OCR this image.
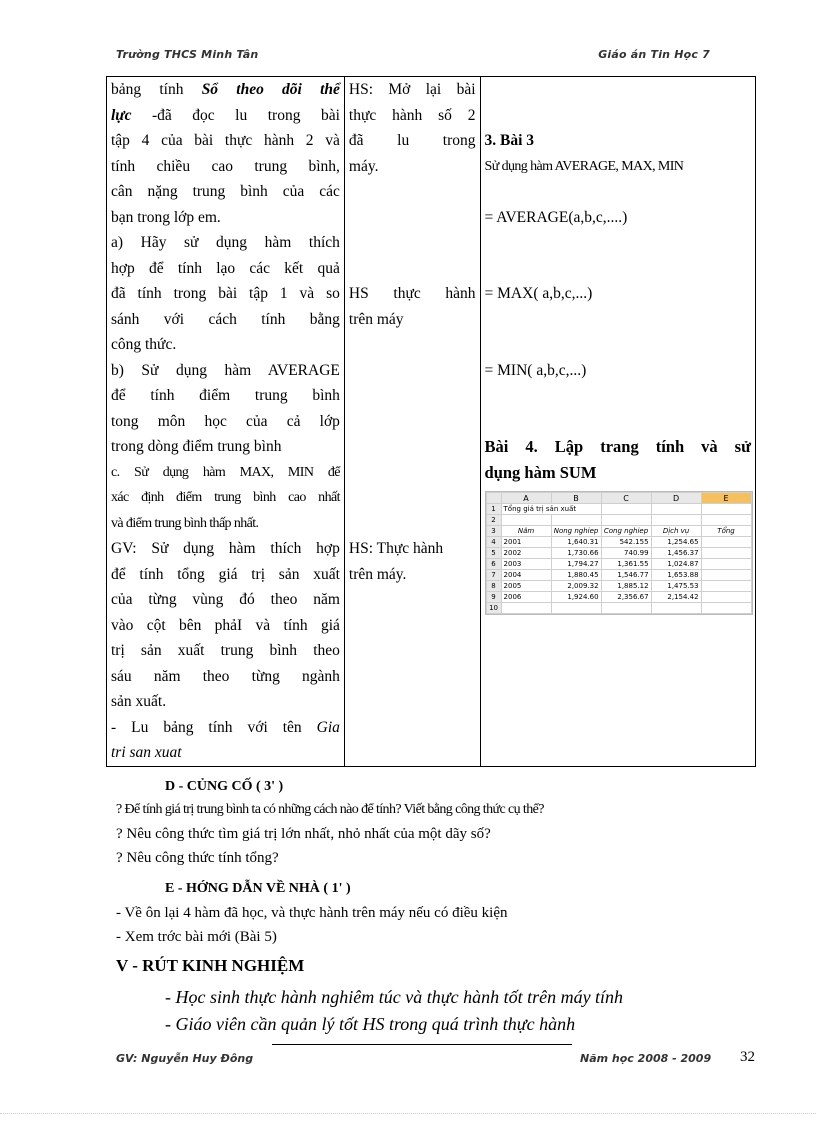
Trường THCS Minh Tân	Giáo án Tin Học 7
bảng tính Sổ theo dõi thể
lực -đã đọc lu trong bài
tập 4 của bài thực hành 2 và
tính chiều cao trung bình,
cân nặng trung bình của các
bạn trong lớp em.
a) Hãy sử dụng hàm thích
hợp để tính lạo các kết quả
đã tính trong bài tập 1 và so
sánh với cách tính bằng
công thức.
b) Sử dụng hàm AVERAGE
để tính điểm trung bình
tong môn học của cả lớp
trong dòng điểm trung bình
c. Sử dụng hàm MAX, MIN để
xác định điểm trung bình cao nhất
và điểm trung bình thấp nhất.
GV: Sử dụng hàm thích hợp
để tính tổng giá trị sản xuất
của từng vùng đó theo năm
vào cột bên phảI và tính giá
trị sản xuất trung bình theo
sáu năm theo từng ngành
sản xuất.
- Lu bảng tính với tên Gia
tri san xuat

HS: Mở lại bài
thực hành số 2
đã lu trong
máy.
HS thực hành
trên máy
HS: Thực hành
trên máy.

3. Bài 3
Sử dụng hàm AVERAGE, MAX, MIN
= AVERAGE(a,b,c,....)
= MAX( a,b,c,...)
= MIN( a,b,c,...)
Bài 4. Lập trang tính và sử
dụng hàm SUM
	A	B	C	D	E
1	Tổng giá trị sản xuất			
2					
3	Năm	Nong nghiep	Cong nghiep	Dịch vụ	Tổng
4	2001	1,640.31	542.155	1,254.65	
5	2002	1,730.66	740.99	1,456.37	
6	2003	1,794.27	1,361.55	1,024.87	
7	2004	1,880.45	1,546.77	1,653.88	
8	2005	2,009.32	1,885.12	1,475.53	
9	2006	1,924.60	2,356.67	2,154.42	
10					
D - CỦNG CỐ ( 3' )
? Để tính giá trị trung bình ta có những cách nào để tính? Viết bằng công thức cụ thể?
? Nêu công thức tìm giá trị lớn nhất, nhỏ nhất của một dãy số?
? Nêu công thức tính tổng?
E - HỚNG DẪN VỀ NHÀ ( 1' )
- Về ôn lại 4 hàm đã học, và thực hành trên máy nếu có điều kiện
- Xem trớc bài mới (Bài 5)
V - RÚT KINH NGHIỆM
- Học sinh thực hành nghiêm túc và thực hành tốt trên máy tính
- Giáo viên cần quản lý tốt HS trong quá trình thực hành
GV: Nguyễn Huy Đông	Năm học 2008 - 2009 32
